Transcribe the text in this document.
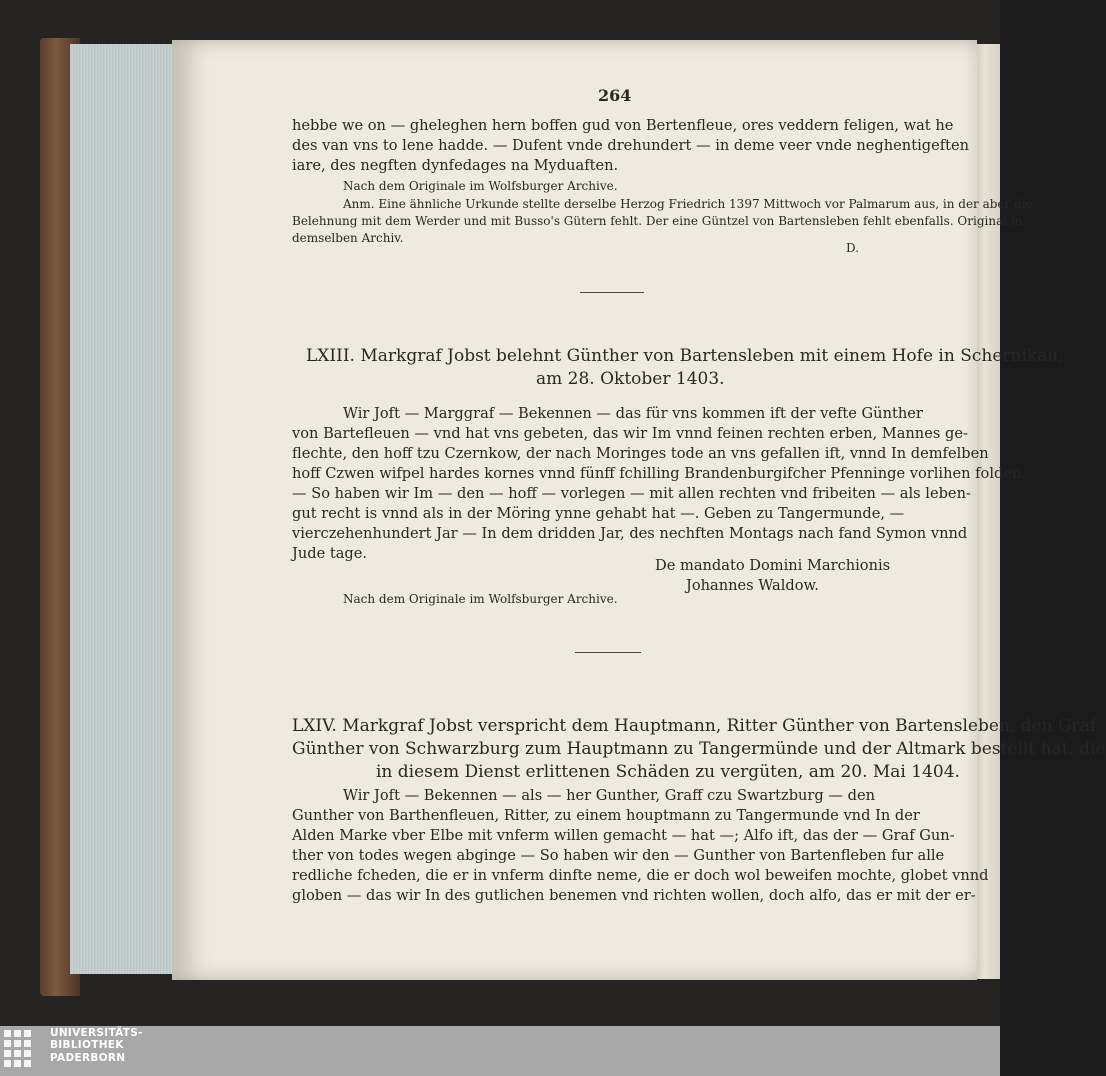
264
hebbe we on — gheleghen hern boffen gud von Bertenfleue, ores veddern feligen, wat he
des van vns to lene hadde. — Dufent vnde drehundert — in deme veer vnde neghentigeften
iare, des negften dynfedages na Myduaften.
Nach dem Originale im Wolfsburger Archive.
Anm. Eine ähnliche Urkunde stellte derselbe Herzog Friedrich 1397 Mittwoch vor Palmarum aus, in der aber die
Belehnung mit dem Werder und mit Busso's Gütern fehlt. Der eine Güntzel von Bartensleben fehlt ebenfalls. Original in
demselben Archiv.
D.
LXIII. Markgraf Jobst belehnt Günther von Bartensleben mit einem Hofe in Schernikau,
am 28. Oktober 1403.
Wir Joft — Marggraf — Bekennen — das für vns kommen ift der vefte Günther
von Bartefleuen — vnd hat vns gebeten, das wir Im vnnd feinen rechten erben, Mannes ge-
flechte, den hoff tzu Czernkow, der nach Moringes tode an vns gefallen ift, vnnd In demfelben
hoff Czwen wifpel hardes kornes vnnd fünff fchilling Brandenburgifcher Pfenninge vorlihen folden.
— So haben wir Im — den — hoff — vorlegen — mit allen rechten vnd fribeiten — als leben-
gut recht is vnnd als in der Möring ynne gehabt hat —. Geben zu Tangermunde, —
vierczehenhundert Jar — In dem dridden Jar, des nechften Montags nach fand Symon vnnd
Jude tage.
De mandato Domini Marchionis
Johannes Waldow.
Nach dem Originale im Wolfsburger Archive.
LXIV. Markgraf Jobst verspricht dem Hauptmann, Ritter Günther von Bartensleben, den Graf
Günther von Schwarzburg zum Hauptmann zu Tangermünde und der Altmark bestellt hat, die
in diesem Dienst erlittenen Schäden zu vergüten, am 20. Mai 1404.
Wir Joft — Bekennen — als — her Gunther, Graff czu Swartzburg — den
Gunther von Barthenfleuen, Ritter, zu einem houptmann zu Tangermunde vnd In der
Alden Marke vber Elbe mit vnferm willen gemacht — hat —; Alfo ift, das der — Graf Gun-
ther von todes wegen abginge — So haben wir den — Gunther von Bartenfleben fur alle
redliche fcheden, die er in vnferm dinfte neme, die er doch wol beweifen mochte, globet vnnd
globen — das wir In des gutlichen benemen vnd richten wollen, doch alfo, das er mit der er-
UNIVERSITÄTS-
BIBLIOTHEK
PADERBORN
